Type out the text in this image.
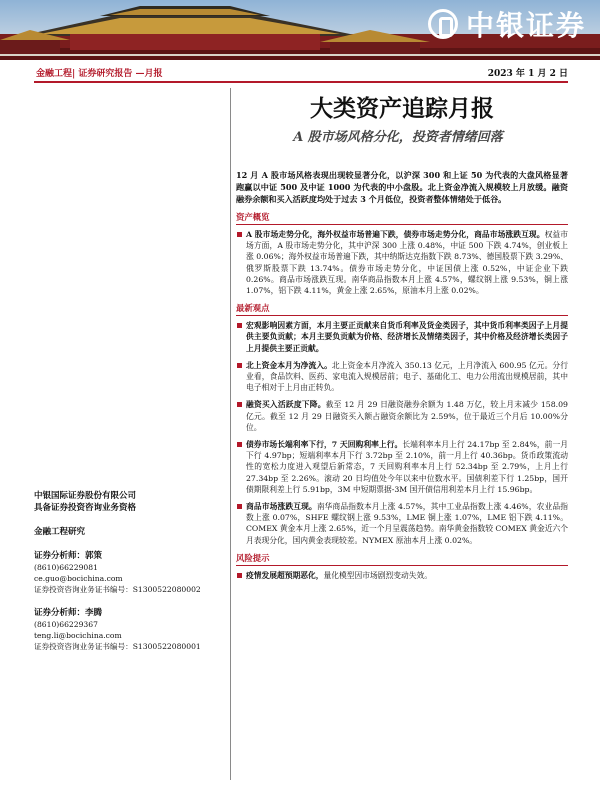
中银证券
金融工程| 证券研究报告 —月报	2023 年 1 月 2 日
大类资产追踪月报
A 股市场风格分化，投资者情绪回落
12 月 A 股市场风格表现出现较显著分化，以沪深 300 和上证 50 为代表的大盘风格显著跑赢以中证 500 及中证 1000 为代表的中小盘股。北上资金净流入规模较上月放缓。融资融券余额和买入活跃度均处于过去 3 个月低位，投资者整体情绪处于低谷。
资产概览
A 股市场走势分化，海外权益市场普遍下跌，债券市场走势分化，商品市场涨跌互现。权益市场方面，A 股市场走势分化，其中沪深 300 上涨 0.48%，中证 500 下跌 4.74%，创业板上涨 0.06%；海外权益市场普遍下跌，其中纳斯达克指数下跌 8.73%、德国股票下跌 3.29%、俄罗斯股票下跌 13.74%。债券市场走势分化，中证国债上涨 0.52%，中证企业下跌 0.26%。商品市场涨跌互现。南华商品指数本月上涨 4.57%，螺纹钢上涨 9.53%，铜上涨 1.07%，铝下跌 4.11%，黄金上涨 2.65%，原油本月上涨 0.02%。
最新观点
宏观影响因素方面，本月主要正贡献来自货币利率及货金类因子，其中货币利率类因子上月提供主要负贡献；本月主要负贡献为价格、经济增长及情绪类因子，其中价格及经济增长类因子上月提供主要正贡献。
北上资金本月为净流入。北上资金本月净流入 350.13 亿元，上月净流入 600.95 亿元。分行业看，食品饮料、医药、家电流入规模居前；电子、基础化工、电力公用流出规模居前，其中电子相对于上月由正转负。
融资买入活跃度下降。截至 12 月 29 日融资融券余额为 1.48 万亿，较上月末减少 158.09 亿元。截至 12 月 29 日融资买入额占融资余额比为 2.59%，位于最近三个月后 10.00%分位。
债券市场长端利率下行，7 天回购利率上行。长端利率本月上行 24.17bp 至 2.84%，前一月下行 4.97bp；短端利率本月下行 3.72bp 至 2.10%，前一月上行 40.36bp。货币政策流动性的宽松力度进入观望后新常态，7 天回购利率本月上行 52.34bp 至 2.79%，上月上行 27.34bp 至 2.26%。滚动 20 日均值处今年以来中位数水平。国债利差下行 1.25bp，国开债期限利差上行 5.91bp，3M 中短期票据-3M 国开债信用利差本月上行 15.96bp。
商品市场涨跌互现。南华商品指数本月上涨 4.57%，其中工业品指数上涨 4.46%，农业品指数上涨 0.07%，SHFE 螺纹钢上涨 9.53%，LME 铜上涨 1.07%，LME 铝下跌 4.11%。COMEX 黄金本月上涨 2.65%，近一个月呈震荡趋势。南华黄金指数较 COMEX 黄金近六个月表现分化，国内黄金表现较差。NYMEX 原油本月上涨 0.02%。
风险提示
疫情发展超预期恶化，量化模型因市场剧烈变动失效。
中银国际证券股份有限公司
具备证券投资咨询业务资格
金融工程研究
证券分析师：郭策
(8610)66229081
ce.guo@bocichina.com
证券投资咨询业务证书编号：S1300522080002
证券分析师：李腾
(8610)66229367
teng.li@bocichina.com
证券投资咨询业务证书编号：S1300522080001
